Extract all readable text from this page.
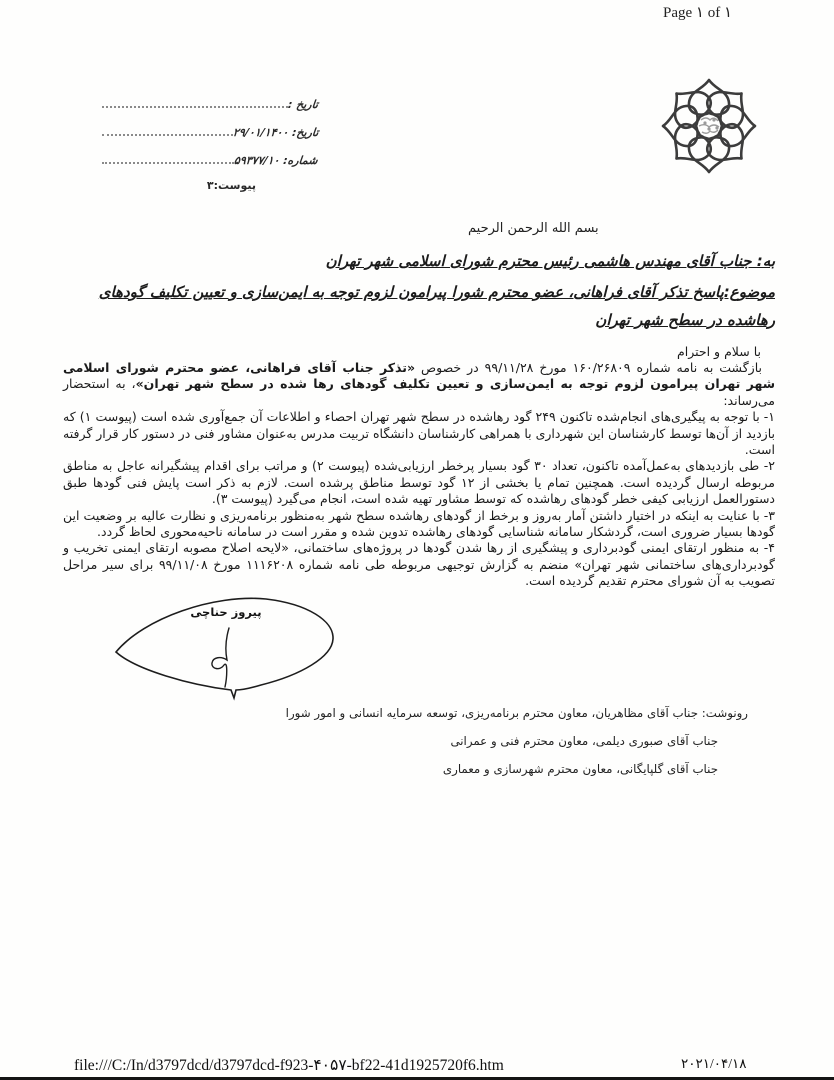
Page ۱ of ۱
تاریخ :
تاریخ: ۲۹/۰۱/۱۴۰۰
شماره: ۵۹۳۷۷/۱۰
پیوست:۳
بسم الله الرحمن الرحیم
به: جناب آقای مهندس هاشمی رئیس محترم شورای اسلامی شهر تهران
موضوع:پاسخ تذکر آقای فراهانی، عضو محترم شورا پیرامون لزوم توجه به ایمن‌سازی و تعیین تکلیف گودهای رهاشده در سطح شهر تهران
با سلام و احترام

بازگشت به نامه شماره ۱۶۰/۲۶۸۰۹ مورخ ۹۹/۱۱/۲۸ در خصوص «تذکر جناب آقای فراهانی، عضو محترم شورای اسلامی شهر تهران پیرامون لزوم توجه به ایمن‌سازی و تعیین تکلیف گودهای رها شده در سطح شهر تهران»، به استحضار می‌رساند:

۱- با توجه به پیگیری‌های انجام‌شده تاکنون ۲۴۹ گود رهاشده در سطح شهر تهران احصاء و اطلاعات آن جمع‌آوری شده است (پیوست ۱) که بازدید از آن‌ها توسط کارشناسان این شهرداری با همراهی کارشناسان دانشگاه تربیت مدرس به‌عنوان مشاور فنی در دستور کار قرار گرفته است.

۲- طی بازدیدهای به‌عمل‌آمده تاکنون، تعداد ۳۰ گود بسیار پرخطر ارزیابی‌شده (پیوست ۲) و مراتب برای اقدام پیشگیرانه عاجل به مناطق مربوطه ارسال گردیده است. همچنین تمام یا بخشی از ۱۲ گود توسط مناطق پرشده است. لازم به ذکر است پایش فنی گودها طبق دستورالعمل ارزیابی کیفی خطر گودهای رهاشده که توسط مشاور تهیه شده است، انجام می‌گیرد (پیوست ۳).

۳- با عنایت به اینکه در اختیار داشتن آمار به‌روز و برخط از گودهای رهاشده سطح شهر به‌منظور برنامه‌ریزی و نظارت عالیه بر وضعیت این گودها بسیار ضروری است، گردشکار سامانه شناسایی گودهای رهاشده تدوین شده و مقرر است در سامانه ناحیه‌محوری لحاظ گردد.

۴- به منظور ارتقای ایمنی گودبرداری و پیشگیری از رها شدن گودها در پروژه‌های ساختمانی، «لایحه اصلاح مصوبه ارتقای ایمنی تخریب و گودبرداری‌های ساختمانی شهر تهران» منضم به گزارش توجیهی مربوطه طی نامه شماره ۱۱۱۶۲۰۸ مورخ ۹۹/۱۱/۰۸ برای سیر مراحل تصویب به آن شورای محترم تقدیم گردیده است.

پیروز حناچی
رونوشت: جناب آقای مظاهریان، معاون محترم برنامه‌ریزی، توسعه سرمایه انسانی و امور شورا
جناب آقای صبوری دیلمی، معاون محترم فنی و عمرانی
جناب آقای گلپایگانی، معاون محترم شهرسازی و معماری
file:///C:/In/d3797dcd/d3797dcd-f923-۴۰۵۷-bf22-41d1925720f6.htm	۲۰۲۱/۰۴/۱۸
